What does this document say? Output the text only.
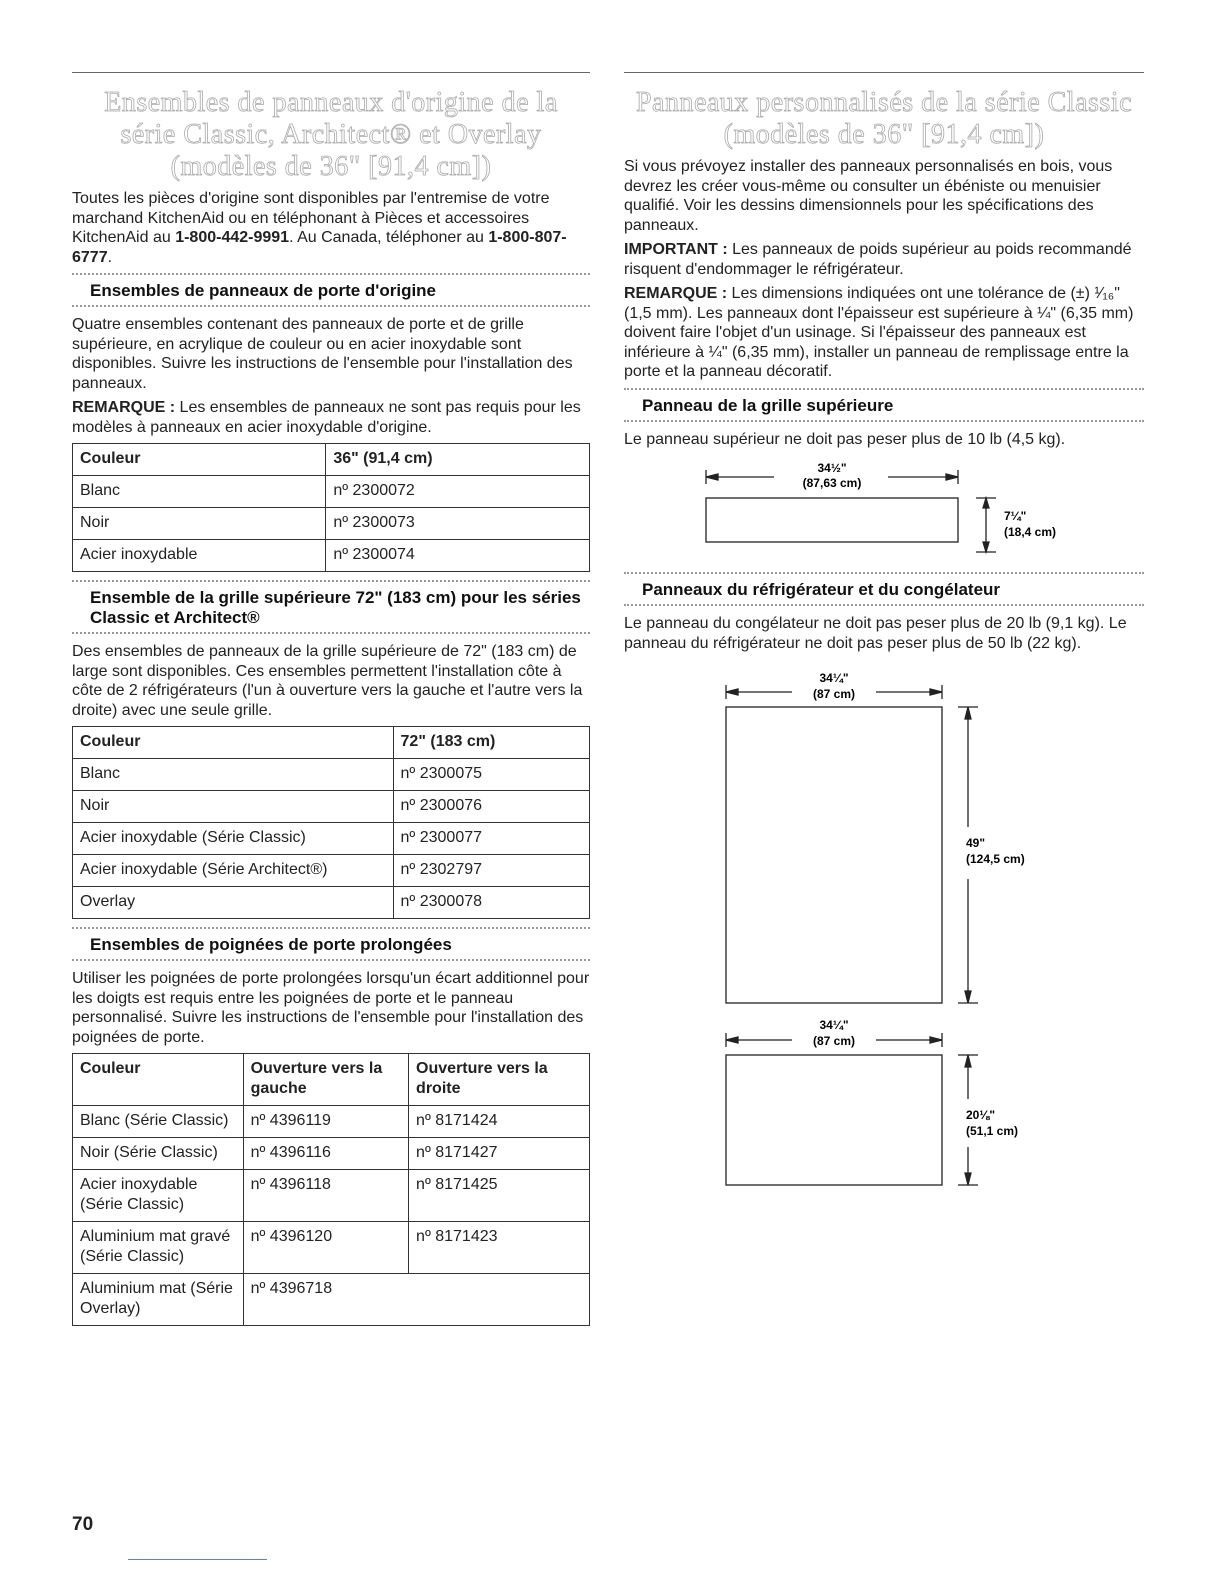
Ensembles de panneaux d'origine de la
série Classic, Architect® et Overlay
(modèles de 36" [91,4 cm])

Toutes les pièces d'origine sont disponibles par l'entremise de votre marchand KitchenAid ou en téléphonant à Pièces et accessoires KitchenAid au 1-800-442-9991. Au Canada, téléphoner au 1-800-807-6777.

Ensembles de panneaux de porte d'origine

Quatre ensembles contenant des panneaux de porte et de grille supérieure, en acrylique de couleur ou en acier inoxydable sont disponibles. Suivre les instructions de l'ensemble pour l'installation des panneaux.

REMARQUE : Les ensembles de panneaux ne sont pas requis pour les modèles à panneaux en acier inoxydable d'origine.

Couleur	36" (91,4 cm)
Blanc	nº 2300072
Noir	nº 2300073
Acier inoxydable	nº 2300074
Ensemble de la grille supérieure 72" (183 cm) pour les séries Classic et Architect®

Des ensembles de panneaux de la grille supérieure de 72" (183 cm) de large sont disponibles. Ces ensembles permettent l'installation côte à côte de 2 réfrigérateurs (l'un à ouverture vers la gauche et l'autre vers la droite) avec une seule grille.

Couleur	72" (183 cm)
Blanc	nº 2300075
Noir	nº 2300076
Acier inoxydable (Série Classic)	nº 2300077
Acier inoxydable (Série Architect®)	nº 2302797
Overlay	nº 2300078
Ensembles de poignées de porte prolongées

Utiliser les poignées de porte prolongées lorsqu'un écart additionnel pour les doigts est requis entre les poignées de porte et le panneau personnalisé. Suivre les instructions de l'ensemble pour l'installation des poignées de porte.

Couleur	Ouverture vers la gauche	Ouverture vers la droite
Blanc (Série Classic)	nº 4396119	nº 8171424
Noir (Série Classic)	nº 4396116	nº 8171427
Acier inoxydable (Série Classic)	nº 4396118	nº 8171425
Aluminium mat gravé (Série Classic)	nº 4396120	nº 8171423
Aluminium mat (Série Overlay)	nº 4396718	
Panneaux personnalisés de la série Classic
(modèles de 36" [91,4 cm])

Si vous prévoyez installer des panneaux personnalisés en bois, vous devrez les créer vous-même ou consulter un ébéniste ou menuisier qualifié. Voir les dessins dimensionnels pour les spécifications des panneaux.

IMPORTANT : Les panneaux de poids supérieur au poids recommandé risquent d'endommager le réfrigérateur.

REMARQUE : Les dimensions indiquées ont une tolérance de (±) ¹⁄₁₆" (1,5 mm). Les panneaux dont l'épaisseur est supérieure à ¼" (6,35 mm) doivent faire l'objet d'un usinage. Si l'épaisseur des panneaux est inférieure à ¼" (6,35 mm), installer un panneau de remplissage entre la porte et la panneau décoratif.

Panneau de la grille supérieure

Le panneau supérieur ne doit pas peser plus de 10 lb (4,5 kg).

34½"
(87,63 cm)
7¼"
(18,4 cm)
Panneaux du réfrigérateur et du congélateur

Le panneau du congélateur ne doit pas peser plus de 20 lb (9,1 kg). Le panneau du réfrigérateur ne doit pas peser plus de 50 lb (22 kg).

34¼"
(87 cm)
49"
(124,5 cm)
34¼"
(87 cm)
20⅛"
(51,1 cm)
70
